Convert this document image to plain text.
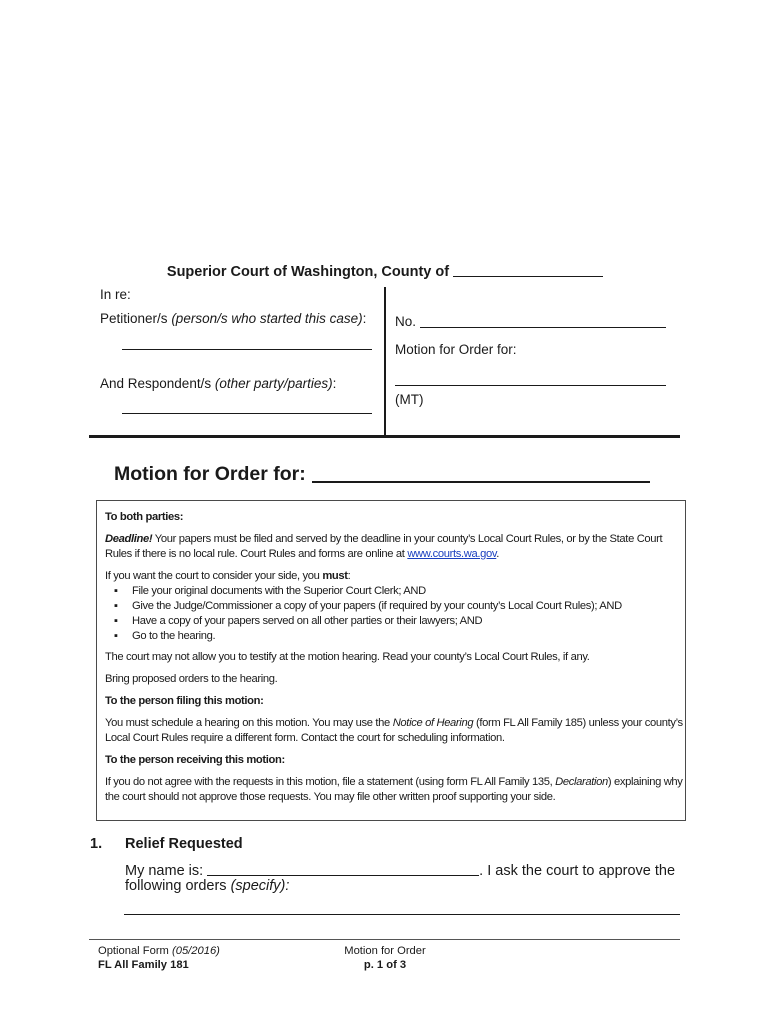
Superior Court of Washington, County of
In re:
Petitioner/s (person/s who started this case):
And Respondent/s (other party/parties):
No.
Motion for Order for:
(MT)
Motion for Order for:

To both parties:

Deadline! Your papers must be filed and served by the deadline in your county’s Local Court Rules, or by the State Court Rules if there is no local rule. Court Rules and forms are online at www.courts.wa.gov.

If you want the court to consider your side, you must:

▪ File your original documents with the Superior Court Clerk; AND
▪ Give the Judge/Commissioner a copy of your papers (if required by your county’s Local Court Rules); AND
▪ Have a copy of your papers served on all other parties or their lawyers; AND
▪ Go to the hearing.

The court may not allow you to testify at the motion hearing. Read your county’s Local Court Rules, if any.

Bring proposed orders to the hearing.

To the person filing this motion:

You must schedule a hearing on this motion. You may use the Notice of Hearing (form FL All Family 185) unless your county’s Local Court Rules require a different form. Contact the court for scheduling information.

To the person receiving this motion:

If you do not agree with the requests in this motion, file a statement (using form FL All Family 135, Declaration) explaining why the court should not approve those requests. You may file other written proof supporting your side.

1. Relief Requested
My name is:	. I ask the court to approve the
following orders (specify):
Optional Form (05/2016)
FL All Family 181
Motion for Order
p. 1 of 3
